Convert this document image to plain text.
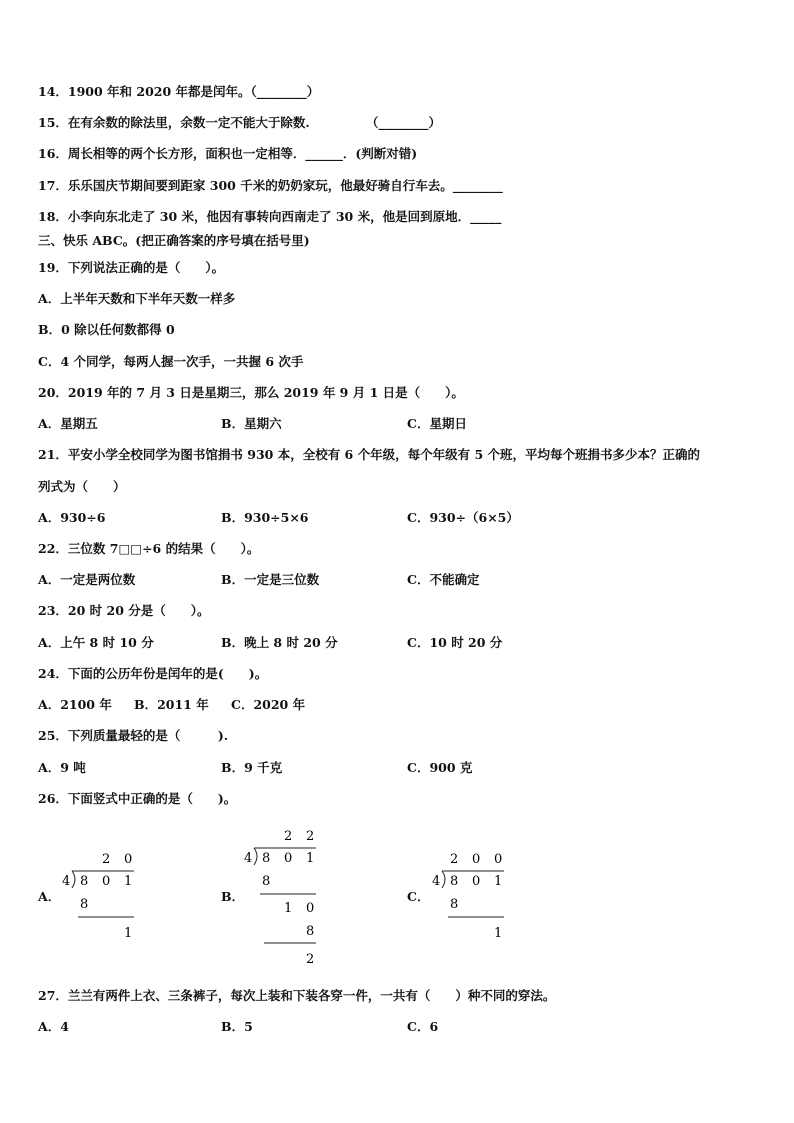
14．1900 年和 2020 年都是闰年。（________）
15．在有余数的除法里，余数一定不能大于除数.　　　　　（________）
16．周长相等的两个长方形，面积也一定相等．______．(判断对错)
17．乐乐国庆节期间要到距家 300 千米的奶奶家玩，他最好骑自行车去。________
18．小李向东北走了 30 米，他因有事转向西南走了 30 米，他是回到原地．_____
三、快乐 ABC。(把正确答案的序号填在括号里)
19．下列说法正确的是（　　）。
A．上半年天数和下半年天数一样多
B．0 除以任何数都得 0
C．4 个同学，每两人握一次手，一共握 6 次手
20．2019 年的 7 月 3 日是星期三，那么 2019 年 9 月 1 日是（　　）。
A．星期五	B．星期六	C．星期日
21．平安小学全校同学为图书馆捐书 930 本，全校有 6 个年级，每个年级有 5 个班，平均每个班捐书多少本？正确的
列式为（　　）
A．930÷6	B．930÷5×6	C．930÷（6×5）
22．三位数 7□□÷6 的结果（　　）。
A．一定是两位数	B．一定是三位数	C．不能确定
23．20 时 20 分是（　　）。
A．上午 8 时 10 分	B．晚上 8 时 20 分	C．10 时 20 分
24．下面的公历年份是闰年的是(　　)。
A．2100 年 B．2011 年 C．2020 年
25．下列质量最轻的是（　　　).
A．9 吨	B．9 千克	C．900 克
26．下面竖式中正确的是（　　)。
A．	B．	C．
2 0
4 8 0 1
8
1
2 2
4 8 0 1
8
1 0
8
2
2 0 0
4 8 0 1
8
1
27．兰兰有两件上衣、三条裤子，每次上装和下装各穿一件，一共有（　　）种不同的穿法。
A．4	B．5	C．6
